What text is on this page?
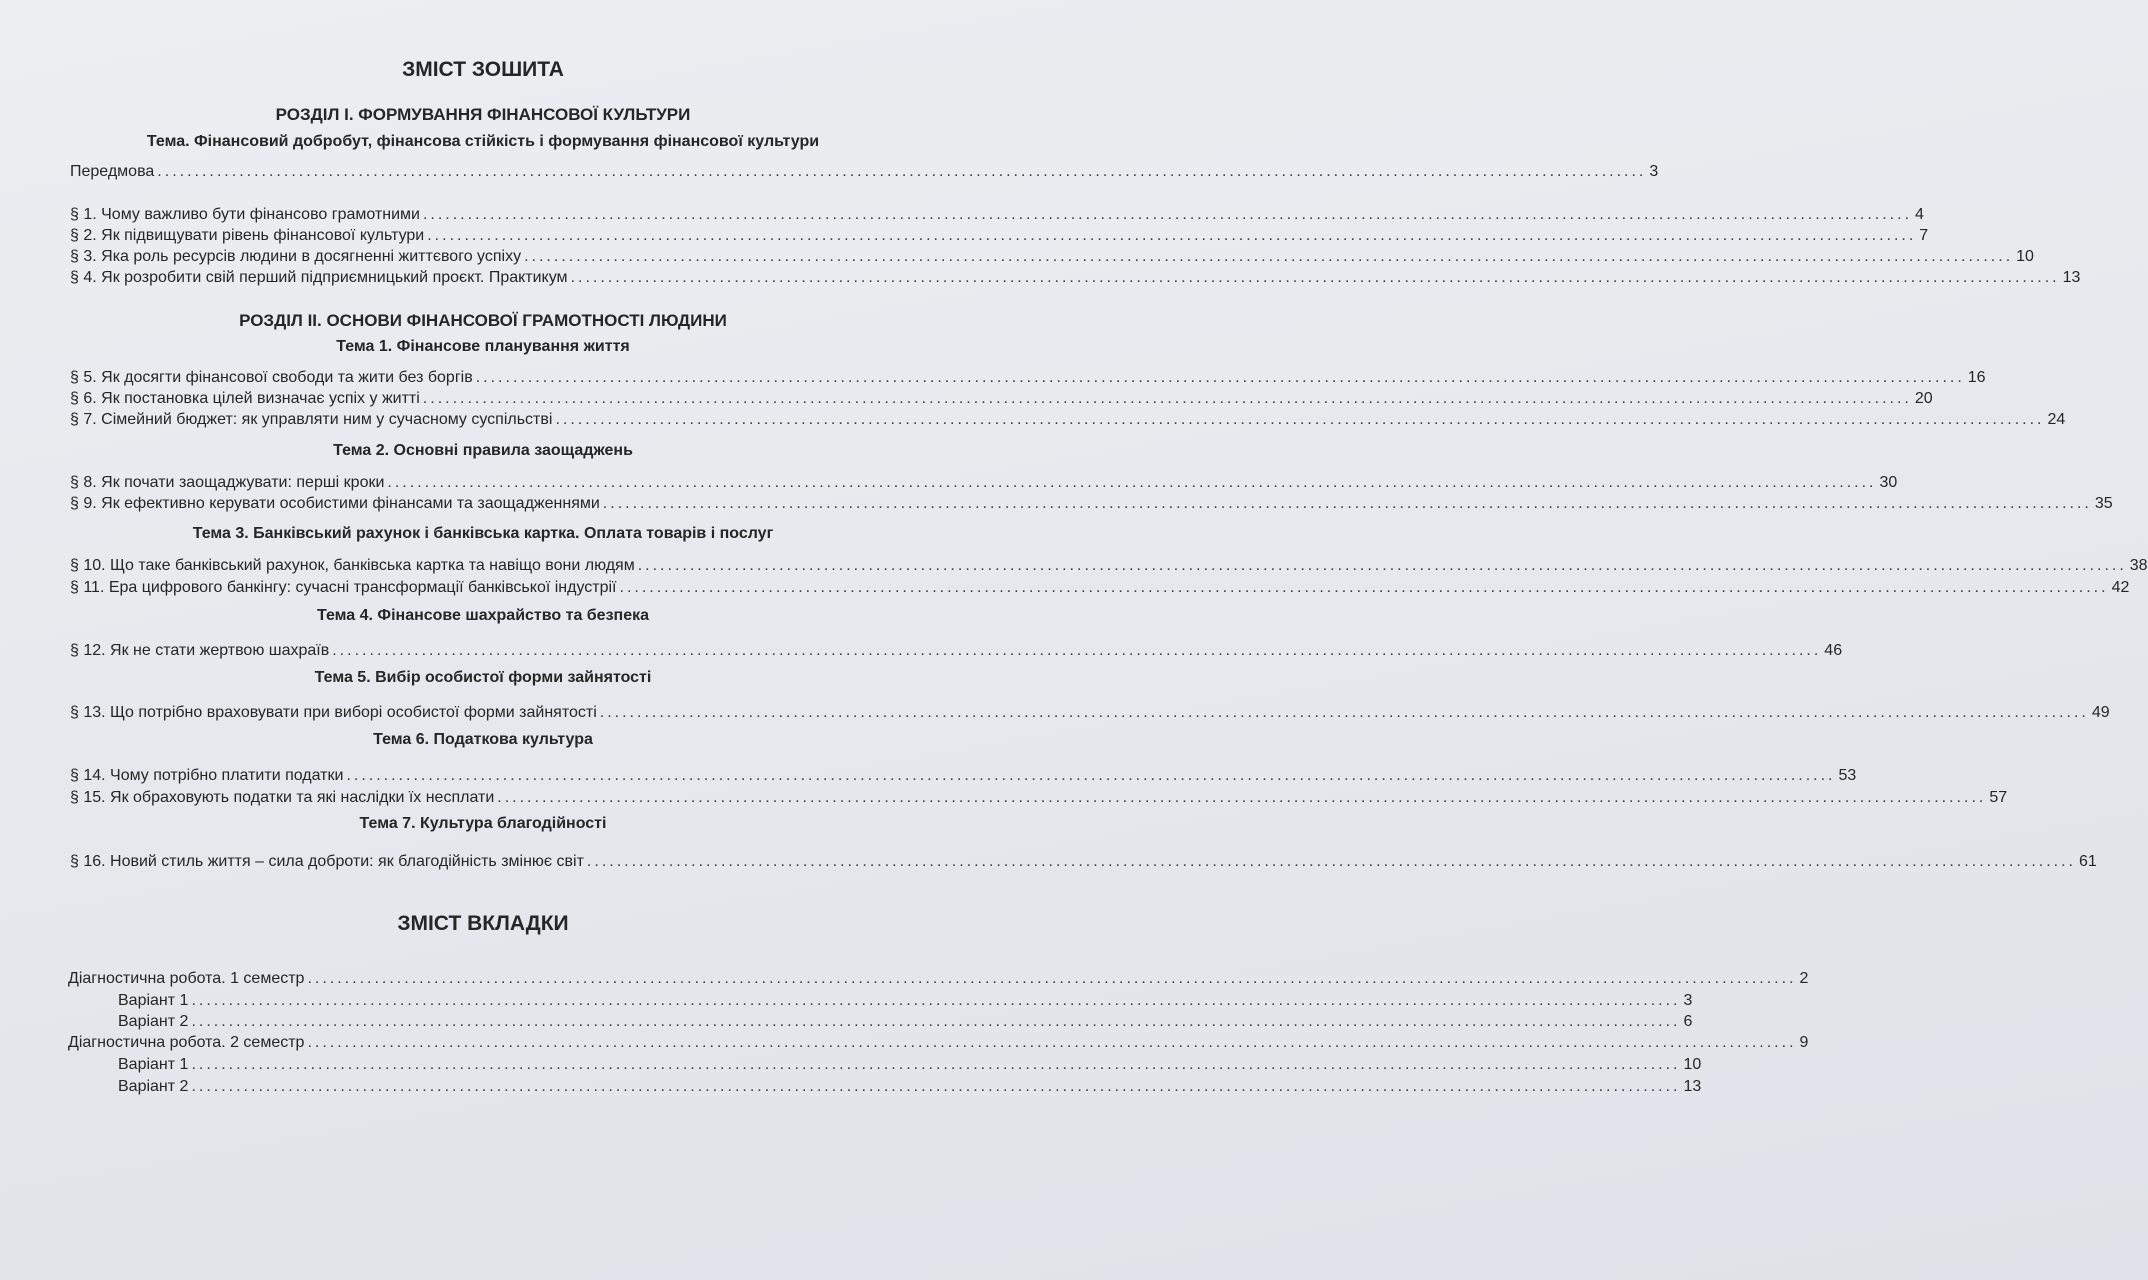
ЗМІСТ ЗОШИТА
РОЗДІЛ І. ФОРМУВАННЯ ФІНАНСОВОЇ КУЛЬТУРИ
Тема. Фінансовий добробут, фінансова стійкість і формування фінансової культури
Передмова ........................................................................................................................................................................................................ 3
§ 1. Чому важливо бути фінансово грамотними ........................................................................................................................................................................................................ 4
§ 2. Як підвищувати рівень фінансової культури ........................................................................................................................................................................................................ 7
§ 3. Яка роль ресурсів людини в досягненні життєвого успіху ........................................................................................................................................................................................................ 10
§ 4. Як розробити свій перший підприємницький проєкт. Практикум ........................................................................................................................................................................................................ 13
РОЗДІЛ ІІ. ОСНОВИ ФІНАНСОВОЇ ГРАМОТНОСТІ ЛЮДИНИ
Тема 1. Фінансове планування життя
§ 5. Як досягти фінансової свободи та жити без боргів ........................................................................................................................................................................................................ 16
§ 6. Як постановка цілей визначає успіх у житті ........................................................................................................................................................................................................ 20
§ 7. Сімейний бюджет: як управляти ним у сучасному суспільстві ........................................................................................................................................................................................................ 24
Тема 2. Основні правила заощаджень
§ 8. Як почати заощаджувати: перші кроки ........................................................................................................................................................................................................ 30
§ 9. Як ефективно керувати особистими фінансами та заощадженнями ........................................................................................................................................................................................................ 35
Тема 3. Банківський рахунок і банківська картка. Оплата товарів і послуг
§ 10. Що таке банківський рахунок, банківська картка та навіщо вони людям ........................................................................................................................................................................................................ 38
§ 11. Ера цифрового банкінгу: сучасні трансформації банківської індустрії ........................................................................................................................................................................................................ 42
Тема 4. Фінансове шахрайство та безпека
§ 12. Як не стати жертвою шахраїв ........................................................................................................................................................................................................ 46
Тема 5. Вибір особистої форми зайнятості
§ 13. Що потрібно враховувати при виборі особистої форми зайнятості ........................................................................................................................................................................................................ 49
Тема 6. Податкова культура
§ 14. Чому потрібно платити податки ........................................................................................................................................................................................................ 53
§ 15. Як обраховують податки та які наслідки їх несплати ........................................................................................................................................................................................................ 57
Тема 7. Культура благодійності
§ 16. Новий стиль життя – сила доброти: як благодійність змінює світ ........................................................................................................................................................................................................ 61
ЗМІСТ ВКЛАДКИ
Діагностична робота. 1 семестр ........................................................................................................................................................................................................ 2
Варіант 1 ........................................................................................................................................................................................................ 3
Варіант 2 ........................................................................................................................................................................................................ 6
Діагностична робота. 2 семестр ........................................................................................................................................................................................................ 9
Варіант 1 ........................................................................................................................................................................................................ 10
Варіант 2 ........................................................................................................................................................................................................ 13
